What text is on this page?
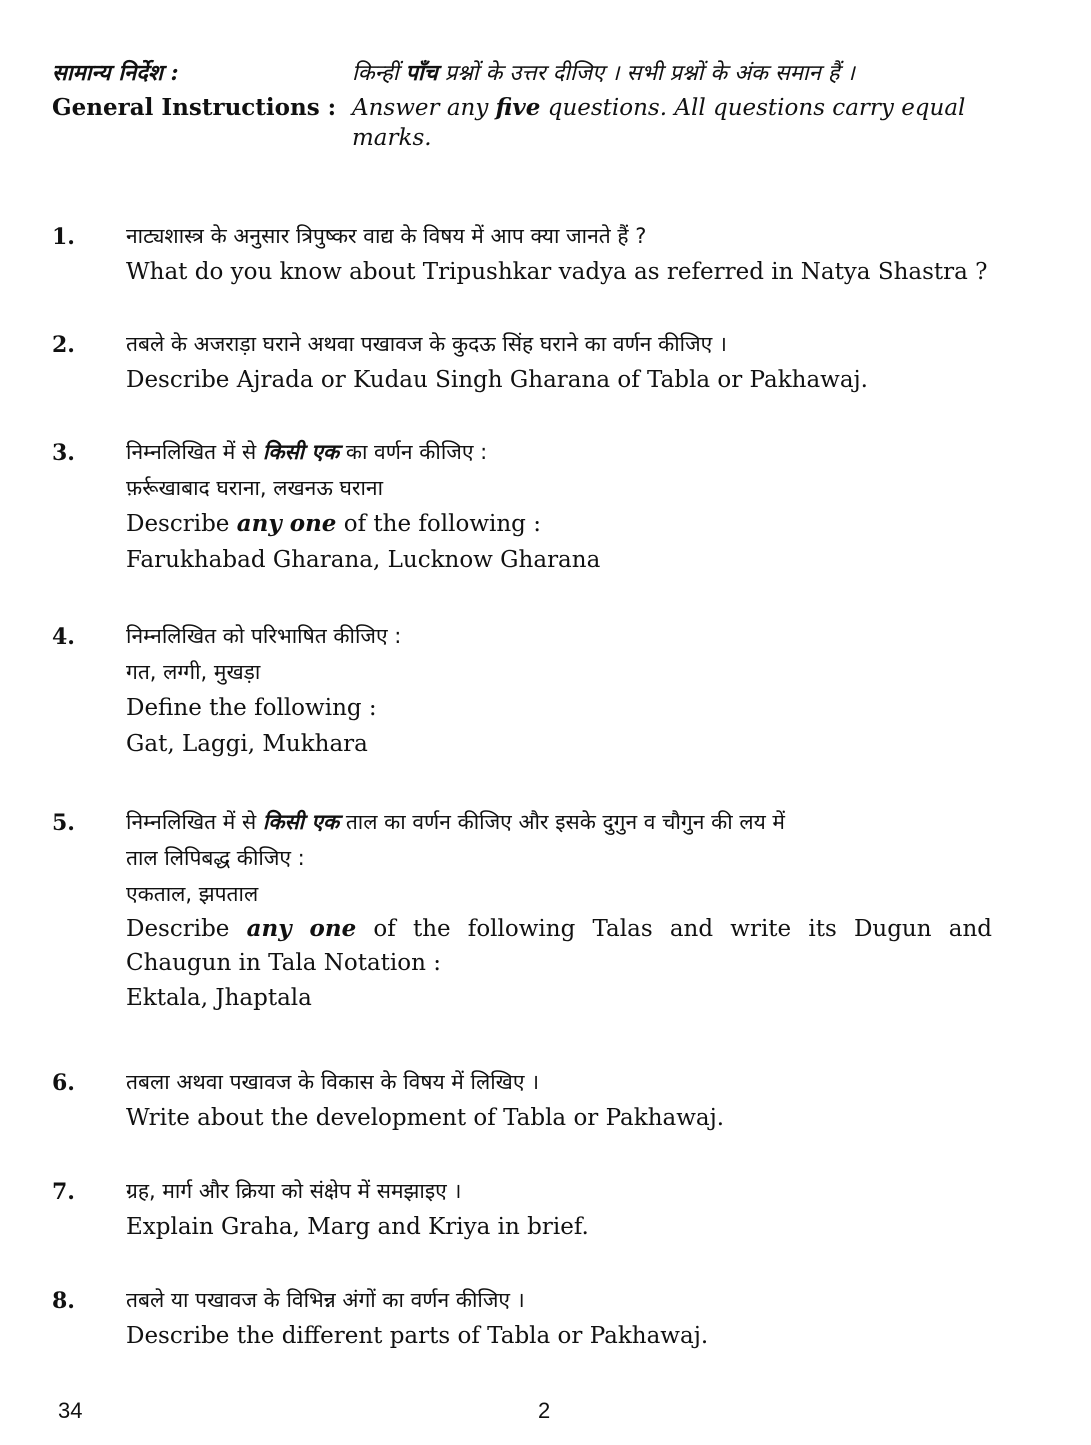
सामान्य निर्देश :	किन्हीं पाँच प्रश्नों के उत्तर दीजिए । सभी प्रश्नों के अंक समान हैं ।
General Instructions : Answer any five questions. All questions carry equal marks.
1.	नाट्यशास्त्र के अनुसार त्रिपुष्कर वाद्य के विषय में आप क्या जानते हैं ?
What do you know about Tripushkar vadya as referred in Natya Shastra ?
2.	तबले के अजराड़ा घराने अथवा पखावज के कुदऊ सिंह घराने का वर्णन कीजिए ।
Describe Ajrada or Kudau Singh Gharana of Tabla or Pakhawaj.
3.	निम्नलिखित में से किसी एक का वर्णन कीजिए :
फ़र्रूखाबाद घराना, लखनऊ घराना
Describe any one of the following :
Farukhabad Gharana, Lucknow Gharana
4.	निम्नलिखित को परिभाषित कीजिए :
गत, लग्गी, मुखड़ा
Define the following :
Gat, Laggi, Mukhara
5.	निम्नलिखित में से किसी एक ताल का वर्णन कीजिए और इसके दुगुन व चौगुन की लय में
ताल लिपिबद्ध कीजिए :
एकताल, झपताल
Describe any one of the following Talas and write its Dugun and Chaugun in Tala Notation :
Ektala, Jhaptala
6.	तबला अथवा पखावज के विकास के विषय में लिखिए ।
Write about the development of Tabla or Pakhawaj.
7.	ग्रह, मार्ग और क्रिया को संक्षेप में समझाइए ।
Explain Graha, Marg and Kriya in brief.
8.	तबले या पखावज के विभिन्न अंगों का वर्णन कीजिए ।
Describe the different parts of Tabla or Pakhawaj.
34	2
